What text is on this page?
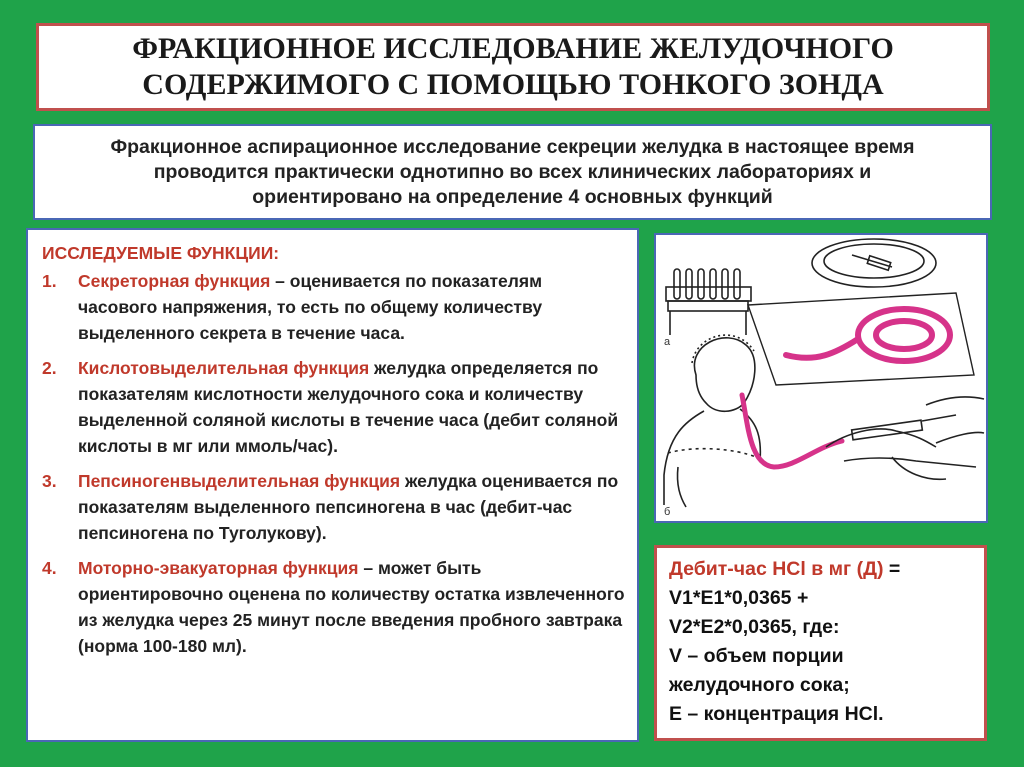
ФРАКЦИОННОЕ ИССЛЕДОВАНИЕ ЖЕЛУДОЧНОГО
СОДЕРЖИМОГО С ПОМОЩЬЮ ТОНКОГО ЗОНДА
Фракционное аспирационное исследование секреции желудка в настоящее время
проводится практически однотипно во всех клинических лабораториях и
ориентировано на определение 4 основных функций
ИССЛЕДУЕМЫЕ ФУНКЦИИ:
1.	Секреторная функция – оценивается по показателям часового напряжения, то есть по общему количеству выделенного секрета в течение часа.
2.	Кислотовыделительная функция желудка определяется по показателям кислотности желудочного сока и количеству выделенной соляной кислоты в течение часа (дебит соляной кислоты в мг или ммоль/час).
3.	Пепсиногенвыделительная функция желудка оценивается по показателям выделенного пепсиногена в час (дебит-час пепсиногена по Туголукову).
4.	Моторно-эвакуаторная функция – может быть ориентировочно оценена по количеству остатка извлеченного из желудка через 25 минут после введения пробного завтрака (норма 100-180 мл).
а
б
Дебит-час HCl в мг (Д) =
V1*E1*0,0365 +
V2*E2*0,0365, где:
V – объем порции
желудочного сока;
Е – концентрация HCl.
